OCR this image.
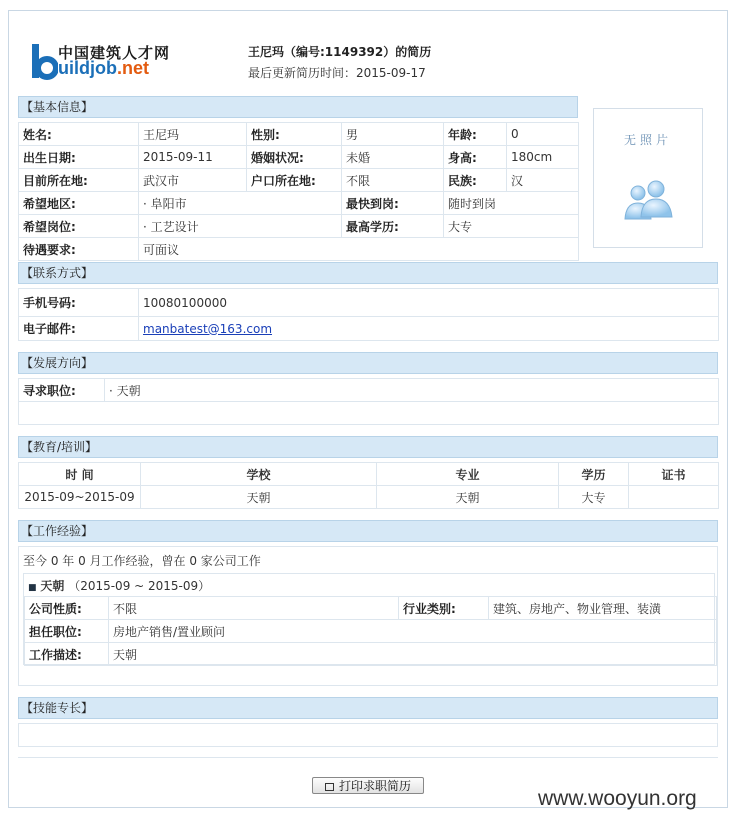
中国建筑人才网
uildjob.net
王尼玛（编号:1149392）的简历
最后更新简历时间：2015-09-17
【基本信息】
姓名:	王尼玛	性别:	男	年龄:	0
出生日期:	2015-09-11	婚姻状况:	未婚	身高:	180cm
目前所在地:	武汉市	户口所在地:	不限	民族:	汉
希望地区:	· 阜阳市		最快到岗:	随时到岗	
希望岗位:	· 工艺设计		最高学历:	大专	
待遇要求:	可面议				
无照片
【联系方式】
手机号码:	10080100000
电子邮件:	manbatest@163.com
【发展方向】
寻求职位:	· 天朝

【教育/培训】
时 间	学校	专业	学历	证书
2015-09~2015-09	天朝	天朝	大专	
【工作经验】
至今 0 年 0 月工作经验，曾在 0 家公司工作
■ 天朝 （2015-09 ~ 2015-09）
公司性质:	不限	行业类别:	建筑、房地产、物业管理、装潢
担任职位:	房地产销售/置业顾问		
工作描述:	天朝		
【技能专长】
打印求职简历
www.wooyun.org
